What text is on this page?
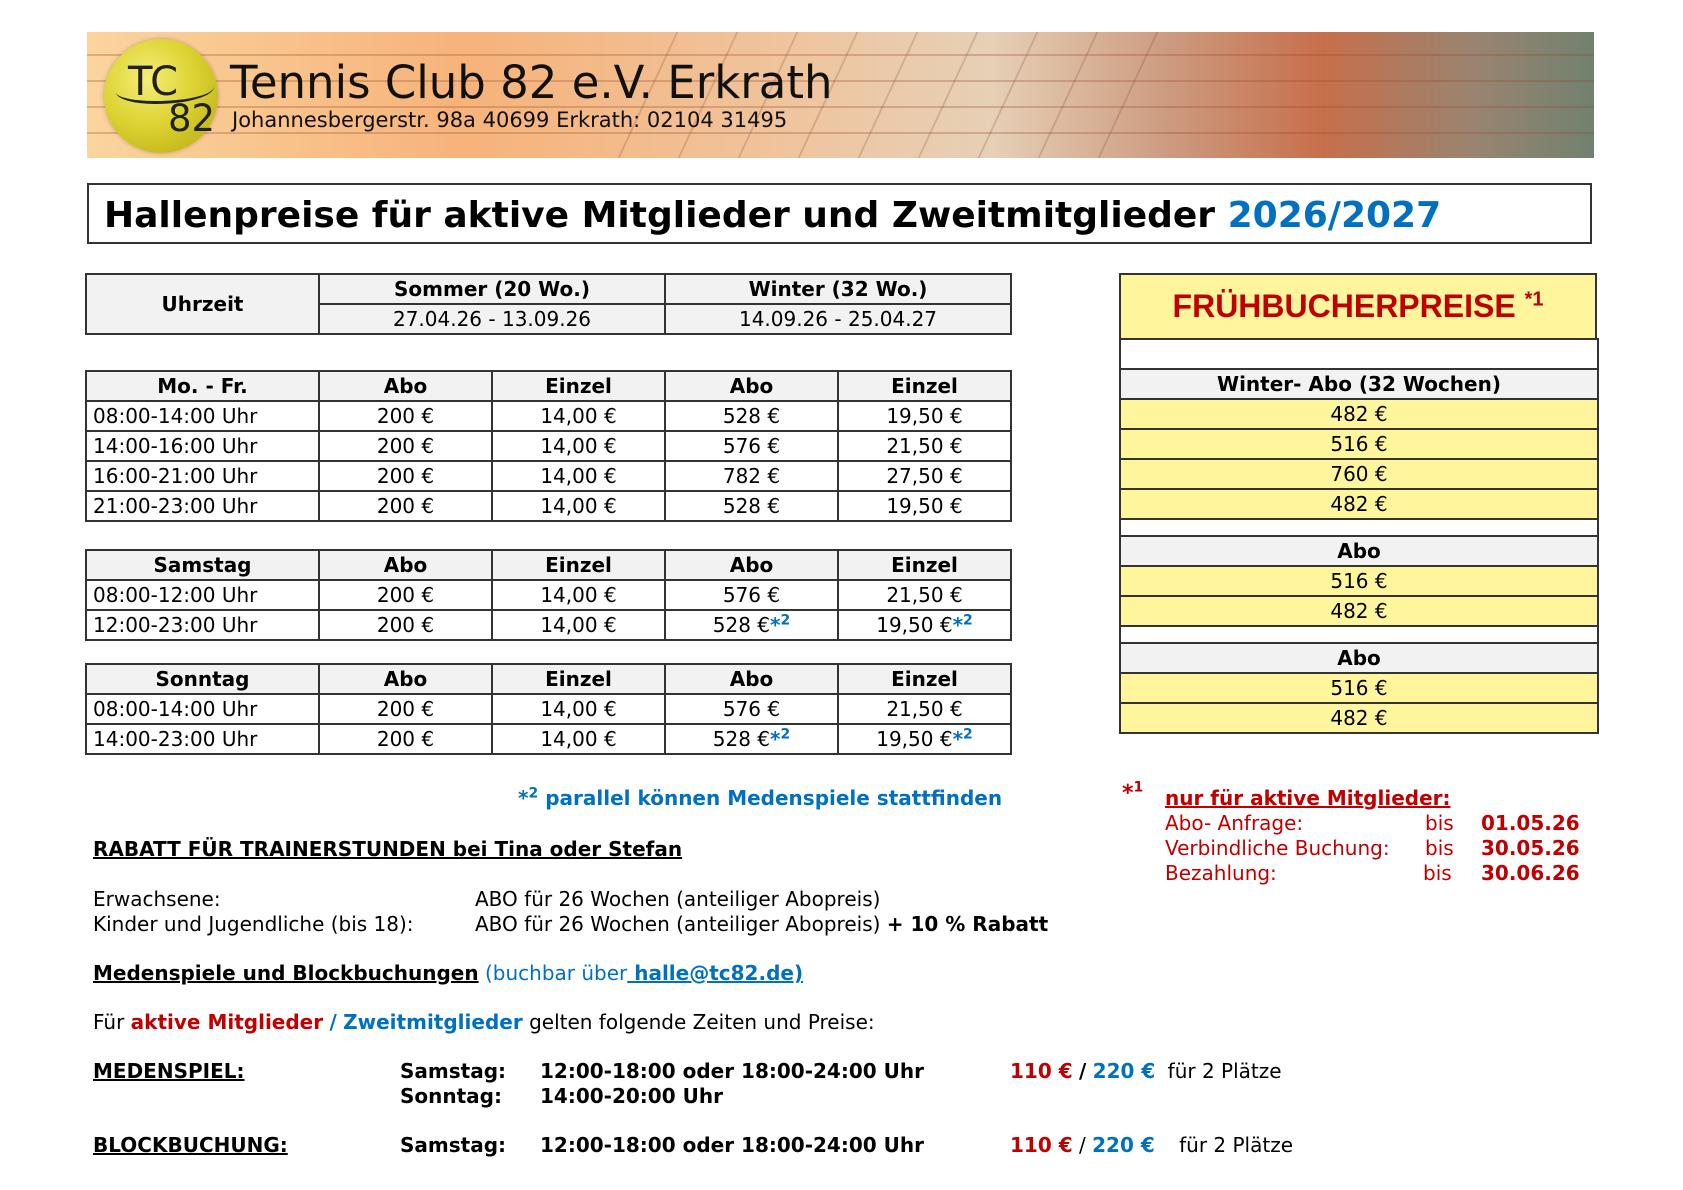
TC
82
Tennis Club 82 e.V. Erkrath
Johannesbergerstr. 98a 40699 Erkrath: 02104 31495
Hallenpreise für aktive Mitglieder und Zweitmitglieder 2026/2027
Uhrzeit	Sommer (20 Wo.)	Winter (32 Wo.)
	27.04.26 - 13.09.26	14.09.26 - 25.04.27
Mo. - Fr.	Abo	Einzel	Abo	Einzel
08:00-14:00 Uhr	200 €	14,00 €	528 €	19,50 €
14:00-16:00 Uhr	200 €	14,00 €	576 €	21,50 €
16:00-21:00 Uhr	200 €	14,00 €	782 €	27,50 €
21:00-23:00 Uhr	200 €	14,00 €	528 €	19,50 €
Samstag	Abo	Einzel	Abo	Einzel
08:00-12:00 Uhr	200 €	14,00 €	576 €	21,50 €
12:00-23:00 Uhr	200 €	14,00 €	528 €*$^2$	19,50 €*$^2$
Sonntag	Abo	Einzel	Abo	Einzel
08:00-14:00 Uhr	200 €	14,00 €	576 €	21,50 €
14:00-23:00 Uhr	200 €	14,00 €	528 €*$^2$	19,50 €*$^2$
FRÜHBUCHERPREISE $^{*1}$

Winter- Abo (32 Wochen)
482 €
516 €
760 €
482 €

Abo
516 €
482 €

Abo
516 €
482 €
*$^2$ parallel können Medenspiele stattfinden	*$^1$ nur für aktive Mitglieder:
Abo- Anfrage:	bis 01.05.26
Verbindliche Buchung: bis 30.05.26
Bezahlung:	bis 30.06.26
RABATT FÜR TRAINERSTUNDEN bei Tina oder Stefan
Erwachsene:	ABO für 26 Wochen (anteiliger Abopreis)
Kinder und Jugendliche (bis 18):	ABO für 26 Wochen (anteiliger Abopreis) + 10 % Rabatt
Medenspiele und Blockbuchungen (buchbar über halle@tc82.de)
Für aktive Mitglieder / Zweitmitglieder gelten folgende Zeiten und Preise:
MEDENSPIEL:	Samstag: 12:00-18:00 oder 18:00-24:00 Uhr	110 € / 220 € für 2 Plätze
Sonntag: 14:00-20:00 Uhr
BLOCKBUCHUNG:	Samstag: 12:00-18:00 oder 18:00-24:00 Uhr	110 € / 220 € für 2 Plätze
